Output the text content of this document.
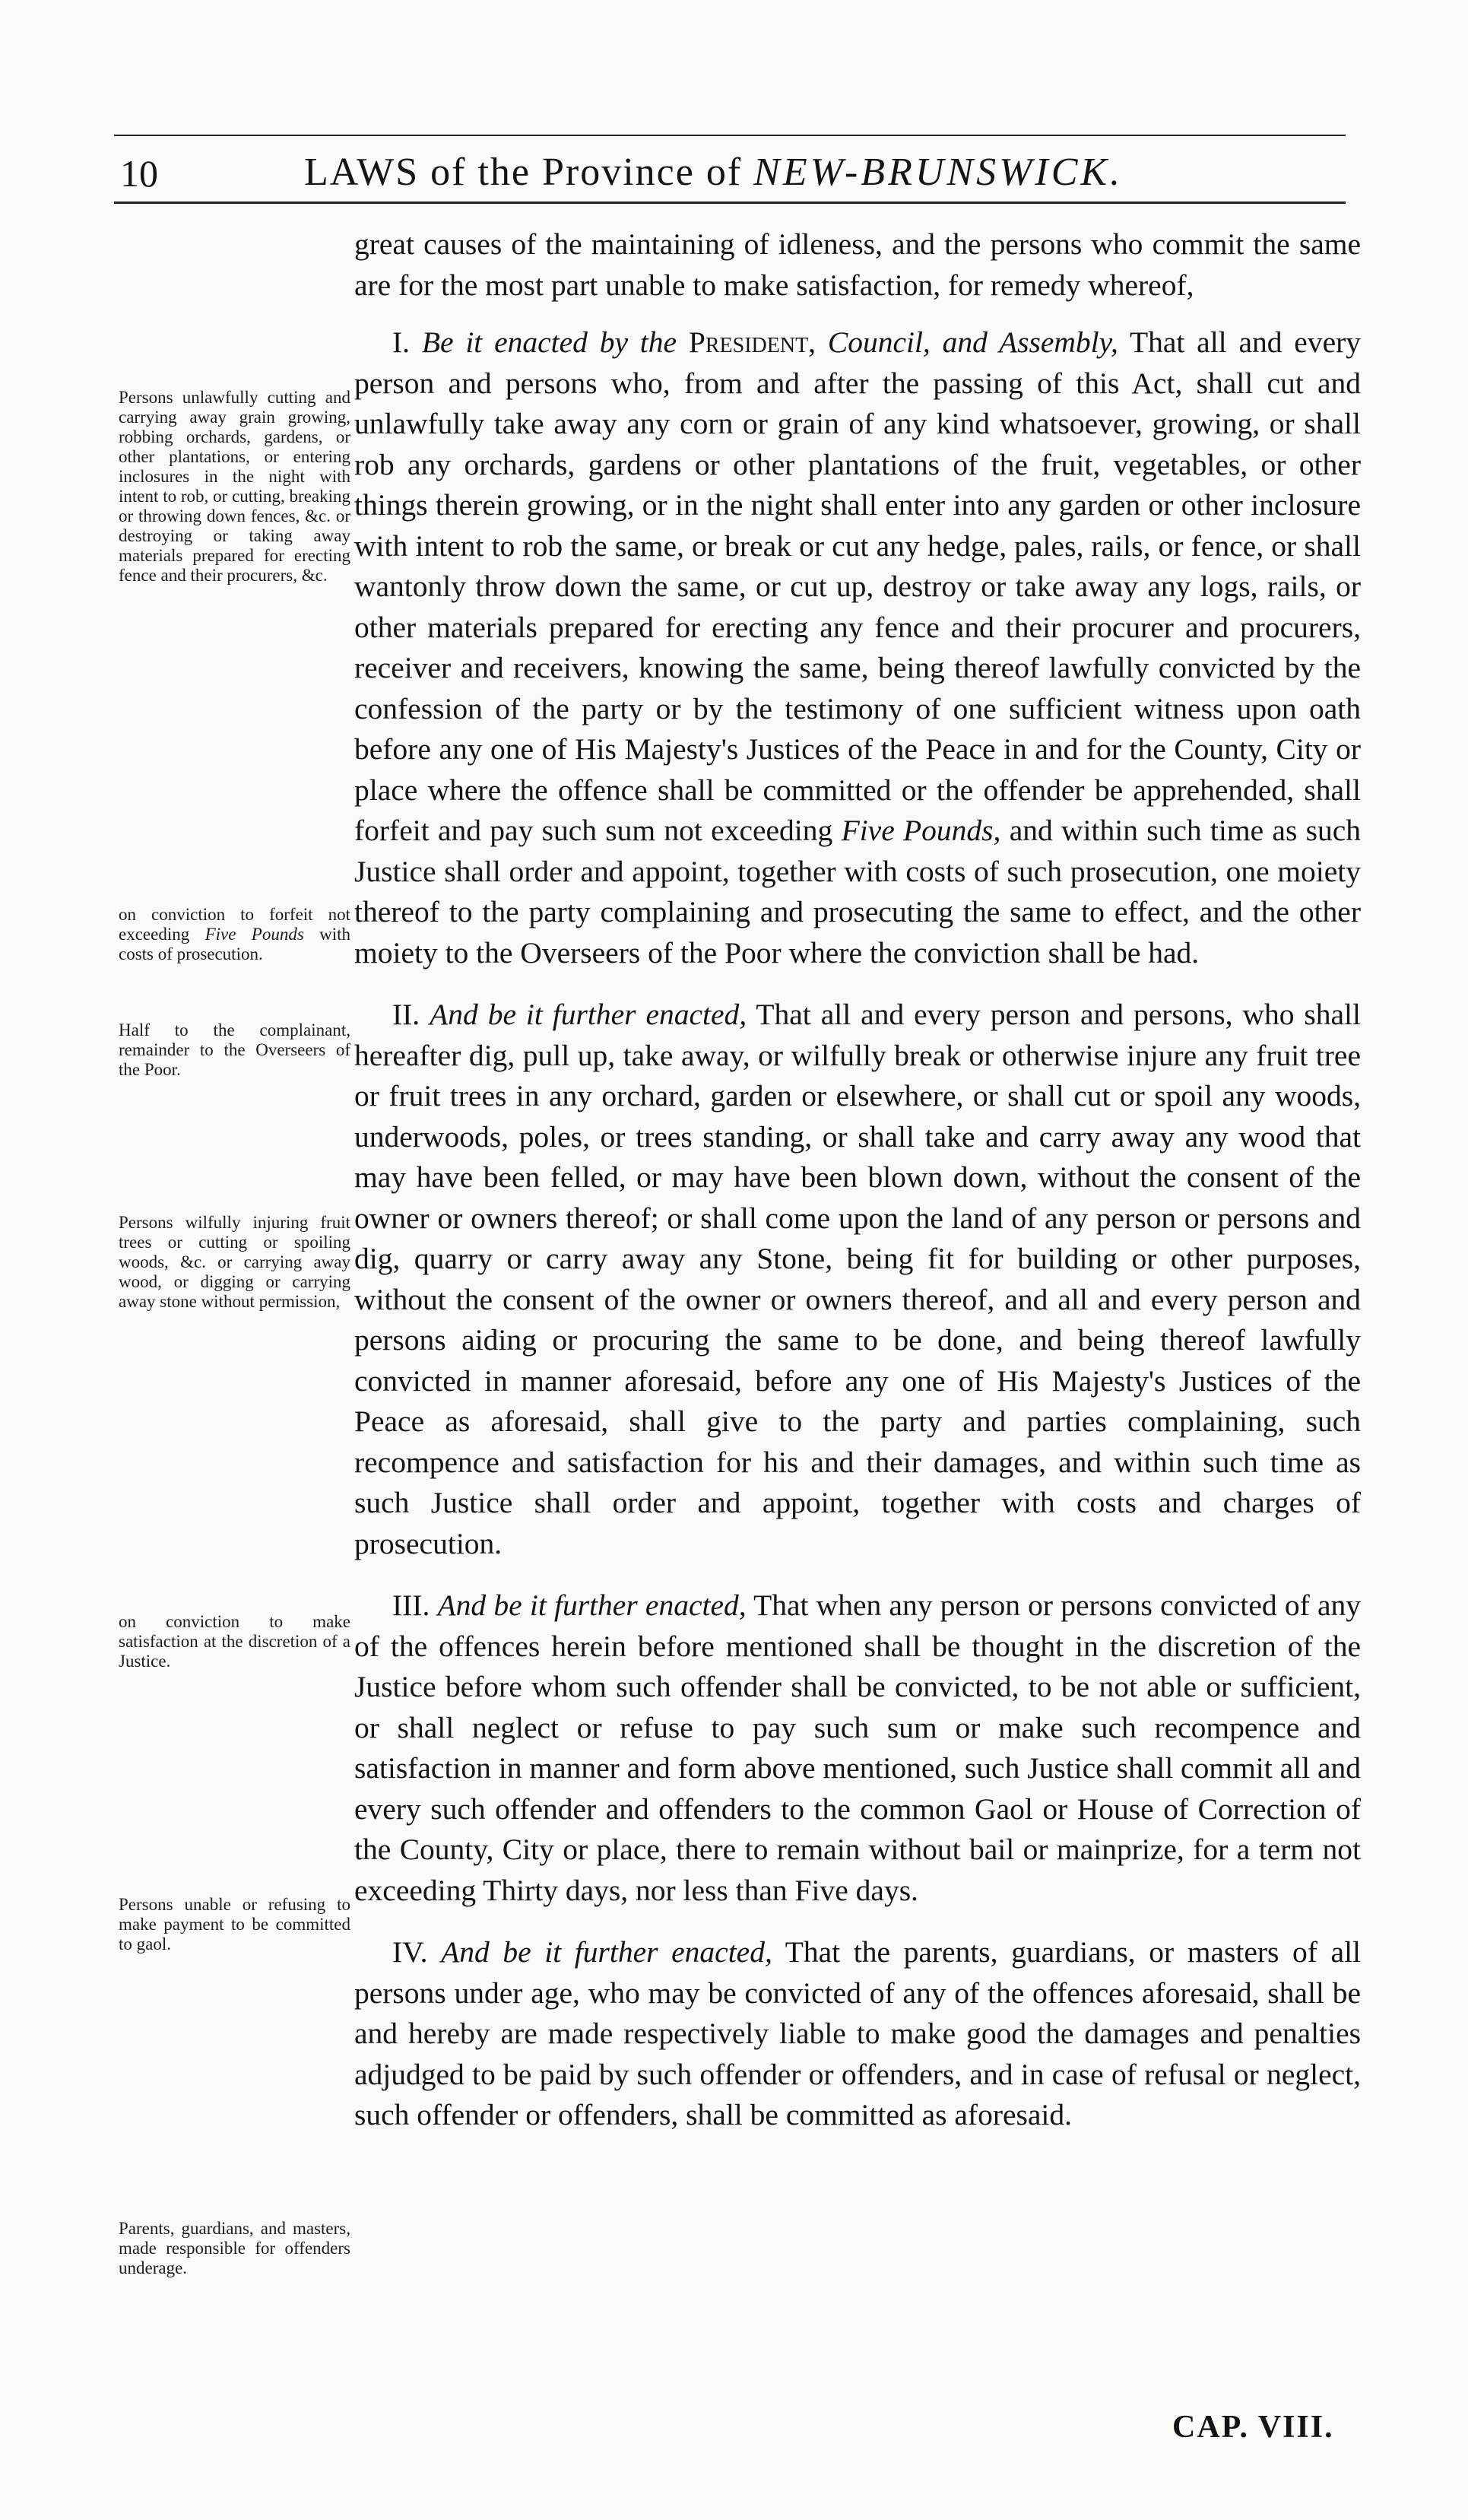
10	LAWS of the Province of NEW-BRUNSWICK.

great causes of the maintaining of idleness, and the persons who commit the same are for the most part unable to make satisfaction, for remedy whereof,

I. Be it enacted by the President, Council, and Assembly, That all and every person and persons who, from and after the passing of this Act, shall cut and unlawfully take away any corn or grain of any kind whatsoever, growing, or shall rob any orchards, gardens or other plantations of the fruit, vegetables, or other things therein growing, or in the night shall enter into any garden or other inclosure with intent to rob the same, or break or cut any hedge, pales, rails, or fence, or shall wantonly throw down the same, or cut up, destroy or take away any logs, rails, or other materials prepared for erecting any fence and their procurer and procurers, receiver and receivers, knowing the same, being thereof lawfully convicted by the confession of the party or by the testimony of one sufficient witness upon oath before any one of His Majesty's Justices of the Peace in and for the County, City or place where the offence shall be committed or the offender be apprehended, shall forfeit and pay such sum not exceeding Five Pounds, and within such time as such Justice shall order and appoint, together with costs of such prosecution, one moiety thereof to the party complaining and prosecuting the same to effect, and the other moiety to the Overseers of the Poor where the conviction shall be had.

II. And be it further enacted, That all and every person and persons, who shall hereafter dig, pull up, take away, or wilfully break or otherwise injure any fruit tree or fruit trees in any orchard, garden or elsewhere, or shall cut or spoil any woods, underwoods, poles, or trees standing, or shall take and carry away any wood that may have been felled, or may have been blown down, without the consent of the owner or owners thereof; or shall come upon the land of any person or persons and dig, quarry or carry away any Stone, being fit for building or other purposes, without the consent of the owner or owners thereof, and all and every person and persons aiding or procuring the same to be done, and being thereof lawfully convicted in manner aforesaid, before any one of His Majesty's Justices of the Peace as aforesaid, shall give to the party and parties complaining, such recompence and satisfaction for his and their damages, and within such time as such Justice shall order and appoint, together with costs and charges of prosecution.

III. And be it further enacted, That when any person or persons convicted of any of the offences herein before mentioned shall be thought in the discretion of the Justice before whom such offender shall be convicted, to be not able or sufficient, or shall neglect or refuse to pay such sum or make such recompence and satisfaction in manner and form above mentioned, such Justice shall commit all and every such offender and offenders to the common Gaol or House of Correction of the County, City or place, there to remain without bail or mainprize, for a term not exceeding Thirty days, nor less than Five days.

IV. And be it further enacted, That the parents, guardians, or masters of all persons under age, who may be convicted of any of the offences aforesaid, shall be and hereby are made respectively liable to make good the damages and penalties adjudged to be paid by such offender or offenders, and in case of refusal or neglect, such offender or offenders, shall be committed as aforesaid.

Persons unlawfully cutting and carrying away grain growing, robbing orchards, gardens, or other plantations, or entering inclosures in the night with intent to rob, or cutting, breaking or throwing down fences, &c. or destroying or taking away materials prepared for erecting fence and their procurers, &c.
on conviction to forfeit not exceeding Five Pounds with costs of prosecution.
Half to the complainant, remainder to the Overseers of the Poor.
Persons wilfully injuring fruit trees or cutting or spoiling woods, &c. or carrying away wood, or digging or carrying away stone without permission,
on conviction to make satisfaction at the discretion of a Justice.
Persons unable or refusing to make payment to be committed to gaol.
Parents, guardians, and masters, made responsible for offenders underage.
CAP. VIII.
